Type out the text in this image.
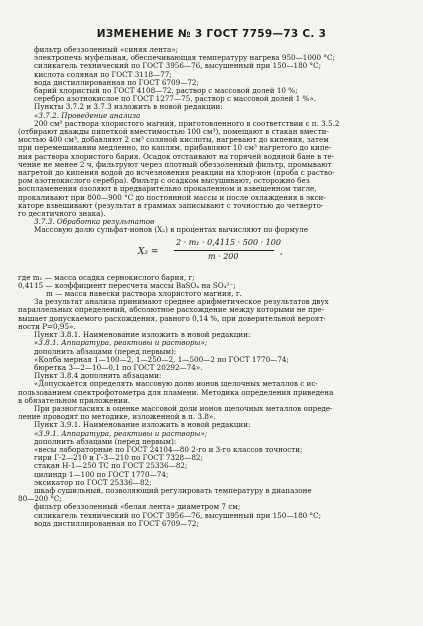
ИЗМЕНЕНИЕ № 3 ГОСТ 7759—73 С. 3
фильтр обеззоленный «синяя лента»;
электропечь муфельная, обеспечивающая температуру нагрева 950—1000 °С;
силикагель технический по ГОСТ 3956—76, высушенный при 150—180 °С;
кислота соляная по ГОСТ 3118—77;
вода дистиллированная по ГОСТ 6709—72;
барий хлористый по ГОСТ 4108—72, раствор с массовой долей 10 %;
серебро азотнокислое по ГОСТ 1277—75, раствор с массовой долей 1 %».
Пункты 3.7.2 и 3.7.3 изложить в новой редакции:
«3.7.2. Проведение анализа
200 см³ раствора хлористого магния, приготовленного в соответствии с п. 3.5.2
(отбирают дважды пипеткой вместимостью 100 см³), помещают в стакан вмести-
мостью 400 см³, добавляют 2 см³ соляной кислоты, нагревают до кипения, затем
при перемешивании медленно, по каплям, прибавляют 10 см³ нагретого до кипе-
ния раствора хлористого бария. Осадок отстаивают на горячей водяной бане в те-
чение не менее 2 ч, фильтруют через плотный обеззоленный фильтр, промывают
нагретой до кипения водой до исчезновения реакции на хлор-ион (проба с раство-
ром азотнокислого серебра). Фильтр с осадком высушивают, осторожно без
воспламенения озоляют в предварительно прокаленном и взвешенном тигле,
прокаливают при 800—900 °С до постоянной массы и после охлаждения в экси-
каторе взвешивают (результат в граммах записывают с точностью до четверто-
го десятичного знака).
3.7.3. Обработка результатов
Массовую долю сульфат-ионов (X₂) в процентах вычисляют по формуле
X₂ =
2 · m₁ · 0,4115 · 500 · 100
m · 200
,
где m₁ — масса осадка сернокислого бария, г;
0,4115 — коэффициент пересчета массы BaSO₄ на SO₄²⁻;
m — масса навески раствора хлористого магния, г.
За результат анализа принимают среднее арифметическое результатов двух
параллельных определений, абсолютное расхождение между которыми не пре-
вышает допускаемого расхождения, равного 0,14 %, при доверительной вероят-
ности P=0,95».
Пункт 3.8.1. Наименование изложить в новой редакции:
«3.8.1. Аппаратура, реактивы и растворы»;
дополнить абзацами (перед первым):
«Колба мерная 1—100—2, 1—250—2, 1—500—2 по ГОСТ 1770—74;
бюретка 3—2—10—0,1 по ГОСТ 20292—74».
Пункт 3.8.4 дополнить абзацами:
«Допускается определять массовую долю ионов щелочных металлов с ис-
пользованием спектрофотометра для пламени. Методика определения приведена
в обязательном приложении.
При разногласиях в оценке массовой доли ионов щелочных металлов опреде-
ление проводят по методике, изложенной в п. 3.8».
Пункт 3.9.1. Наименование изложить в новой редакции:
«3.9.1. Аппаратура, реактивы и растворы»;
дополнить абзацами (перед первым):
«весы лабораторные по ГОСТ 24104—80 2-го и 3-го классов точности;
гири Г-2—210 и Г-3—210 по ГОСТ 7328—82;
стакан Н-1—250 ТС по ГОСТ 25336—82;
цилиндр 1—100 по ГОСТ 1770—74;
эксикатор по ГОСТ 25336—82;
шкаф сушильный, позволяющий регулировать температуру в диапазоне
80—200 °С;
фильтр обеззоленный «белая лента» диаметром 7 см;
силикагель технический по ГОСТ 3956—76, высушенный при 150—180 °С;
вода дистиллированная по ГОСТ 6709—72;
